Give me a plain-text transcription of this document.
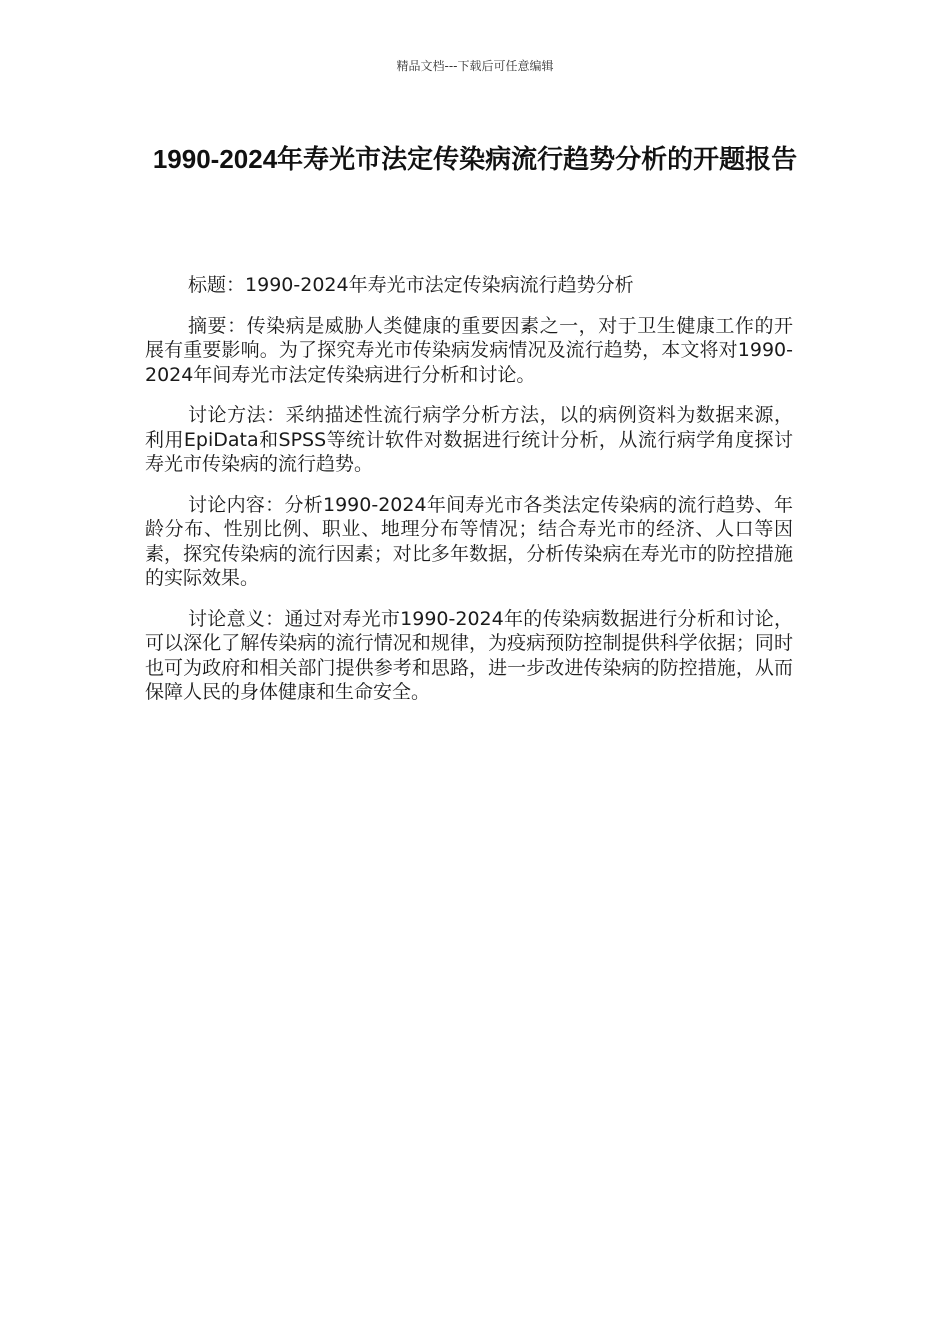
精品文档---下载后可任意编辑
1990-2024年寿光市法定传染病流行趋势分析的开题报告

标题：1990-2024年寿光市法定传染病流行趋势分析

摘要：传染病是威胁人类健康的重要因素之一，对于卫生健康工作的开展有重要影响。为了探究寿光市传染病发病情况及流行趋势，本文将对1990-2024年间寿光市法定传染病进行分析和讨论。

讨论方法：采纳描述性流行病学分析方法，以的病例资料为数据来源，利用EpiData和SPSS等统计软件对数据进行统计分析，从流行病学角度探讨寿光市传染病的流行趋势。

讨论内容：分析1990-2024年间寿光市各类法定传染病的流行趋势、年龄分布、性别比例、职业、地理分布等情况；结合寿光市的经济、人口等因素，探究传染病的流行因素；对比多年数据，分析传染病在寿光市的防控措施的实际效果。

讨论意义：通过对寿光市1990-2024年的传染病数据进行分析和讨论，可以深化了解传染病的流行情况和规律，为疫病预防控制提供科学依据；同时也可为政府和相关部门提供参考和思路，进一步改进传染病的防控措施，从而保障人民的身体健康和生命安全。
